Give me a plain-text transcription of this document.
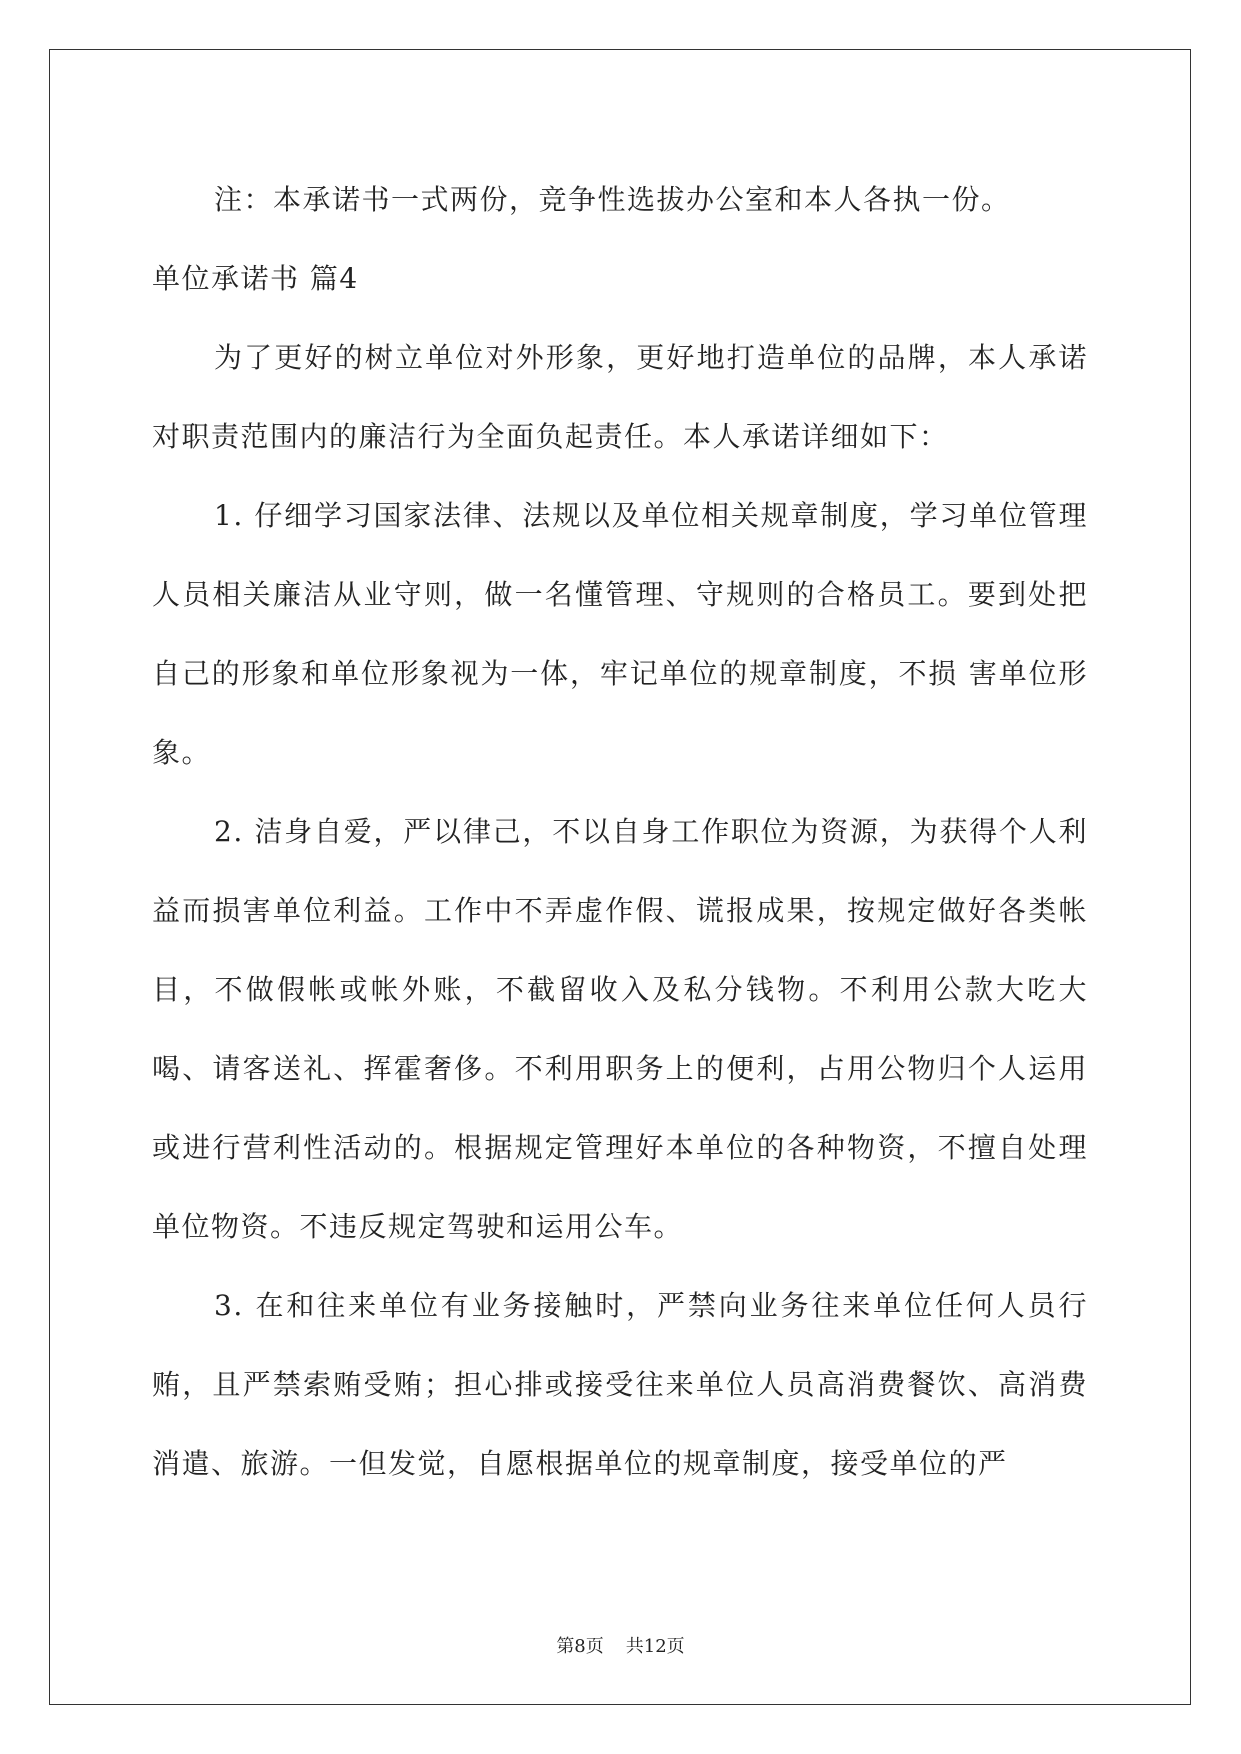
注：本承诺书一式两份，竞争性选拔办公室和本人各执一份。

单位承诺书 篇4

为了更好的树立单位对外形象，更好地打造单位的品牌，本人承诺对职责范围内的廉洁行为全面负起责任。本人承诺详细如下：

1. 仔细学习国家法律、法规以及单位相关规章制度，学习单位管理人员相关廉洁从业守则，做一名懂管理、守规则的合格员工。要到处把自己的形象和单位形象视为一体，牢记单位的规章制度，不损 害单位形象。

2. 洁身自爱，严以律己，不以自身工作职位为资源，为获得个人利益而损害单位利益。工作中不弄虚作假、谎报成果，按规定做好各类帐目，不做假帐或帐外账，不截留收入及私分钱物。不利用公款大吃大喝、请客送礼、挥霍奢侈。不利用职务上的便利，占用公物归个人运用或进行营利性活动的。根据规定管理好本单位的各种物资，不擅自处理单位物资。不违反规定驾驶和运用公车。

3. 在和往来单位有业务接触时，严禁向业务往来单位任何人员行贿，且严禁索贿受贿；担心排或接受往来单位人员高消费餐饮、高消费消遣、旅游。一但发觉，自愿根据单位的规章制度，接受单位的严

第8页 共12页
